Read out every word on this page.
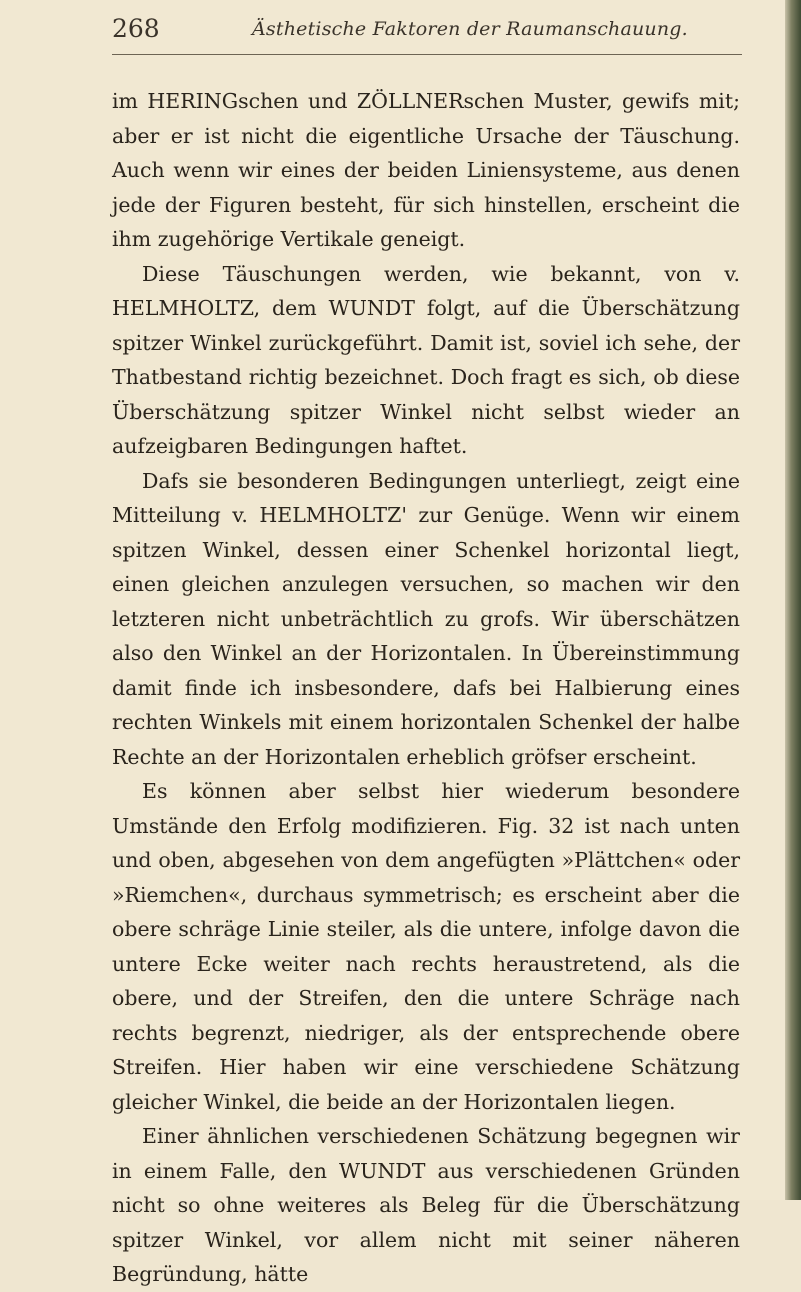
268	Ästhetische Faktoren der Raumanschauung.

im HERINGschen und ZÖLLNERschen Muster, gewifs mit; aber er ist nicht die eigentliche Ursache der Täuschung. Auch wenn wir eines der beiden Liniensysteme, aus denen jede der Figuren besteht, für sich hinstellen, erscheint die ihm zugehörige Vertikale geneigt.

Diese Täuschungen werden, wie bekannt, von v. HELMHOLTZ, dem WUNDT folgt, auf die Überschätzung spitzer Winkel zurückgeführt. Damit ist, soviel ich sehe, der Thatbestand richtig bezeichnet. Doch fragt es sich, ob diese Überschätzung spitzer Winkel nicht selbst wieder an aufzeigbaren Bedingungen haftet.

Dafs sie besonderen Bedingungen unterliegt, zeigt eine Mitteilung v. HELMHOLTZ' zur Genüge. Wenn wir einem spitzen Winkel, dessen einer Schenkel horizontal liegt, einen gleichen anzulegen versuchen, so machen wir den letzteren nicht unbeträchtlich zu grofs. Wir überschätzen also den Winkel an der Horizontalen. In Übereinstimmung damit finde ich insbesondere, dafs bei Halbierung eines rechten Winkels mit einem horizontalen Schenkel der halbe Rechte an der Horizontalen erheblich gröfser erscheint.

Es können aber selbst hier wiederum besondere Umstände den Erfolg modifizieren. Fig. 32 ist nach unten und oben, abgesehen von dem angefügten »Plättchen« oder »Riemchen«, durchaus symmetrisch; es erscheint aber die obere schräge Linie steiler, als die untere, infolge davon die untere Ecke weiter nach rechts heraustretend, als die obere, und der Streifen, den die untere Schräge nach rechts begrenzt, niedriger, als der entsprechende obere Streifen. Hier haben wir eine verschiedene Schätzung gleicher Winkel, die beide an der Horizontalen liegen.

Einer ähnlichen verschiedenen Schätzung begegnen wir in einem Falle, den WUNDT aus verschiedenen Gründen nicht so ohne weiteres als Beleg für die Überschätzung spitzer Winkel, vor allem nicht mit seiner näheren Begründung, hätte
